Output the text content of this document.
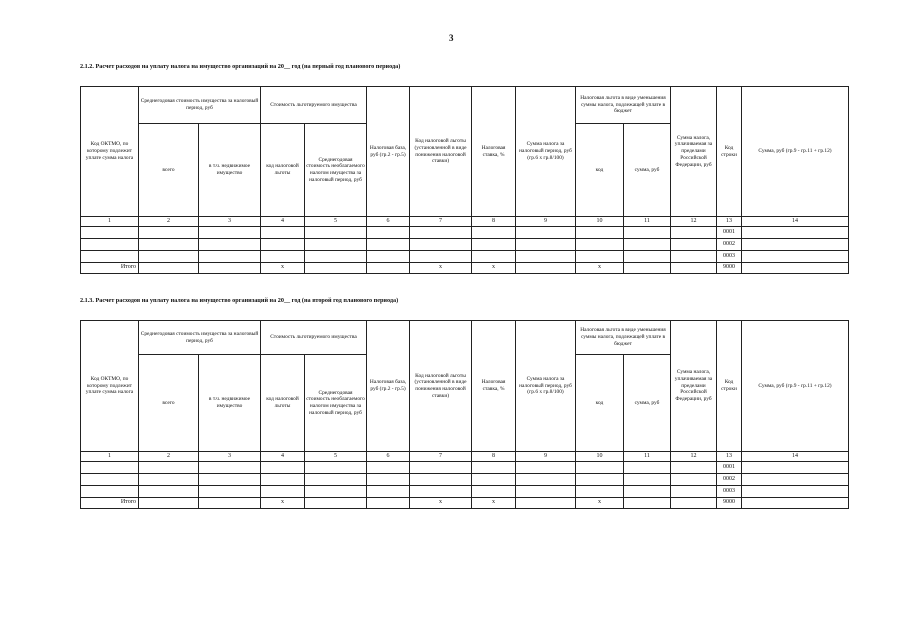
3
2.1.2. Расчет расходов на уплату налога на имущество организаций на 20__ год (на первый год планового периода)
Код ОКТМО, по которому подлежит уплате сумма налога	Среднегодовая стоимость имущества за налоговый период, руб		Стоимость льготируемого имущества		Налоговая база, руб (гр.2 - гр.5)	Код налоговой льготы (установленной в виде понижения налоговой ставки)	Налоговая ставка, %	Сумма налога за налоговый период, руб (гр.6 x гр.8/100)	Налоговая льгота в виде уменьшения суммы налога, подлежащей уплате в бюджет		Сумма налога, уплачиваемая за пределами Российской Федерации, руб	Код строки	Сумма, руб (гр.9 - гр.11 + гр.12)
	всего	в т.ч. недвижимое имущество	код налоговой льготы	Среднегодовая стоимость необлагаемого налогом имущества за налоговый период, руб					код	сумма, руб			
1	2	3	4	5	6	7	8	9	10	11	12	13	14
												0001	
												0002	
												0003	
Итого			x			x	x		x			9000	
2.1.3. Расчет расходов на уплату налога на имущество организаций на 20__ год (на второй год планового периода)
Код ОКТМО, по которому подлежит уплате сумма налога	Среднегодовая стоимость имущества за налоговый период, руб		Стоимость льготируемого имущества		Налоговая база, руб (гр.2 - гр.5)	Код налоговой льготы (установленной в виде понижения налоговой ставки)	Налоговая ставка, %	Сумма налога за налоговый период, руб (гр.6 x гр.8/100)	Налоговая льгота в виде уменьшения суммы налога, подлежащей уплате в бюджет		Сумма налога, уплачиваемая за пределами Российской Федерации, руб	Код строки	Сумма, руб (гр.9 - гр.11 + гр.12)
	всего	в т.ч. недвижимое имущество	код налоговой льготы	Среднегодовая стоимость необлагаемого налогом имущества за налоговый период, руб					код	сумма, руб			
1	2	3	4	5	6	7	8	9	10	11	12	13	14
												0001	
												0002	
												0003	
Итого			x			x	x		x			9000	
